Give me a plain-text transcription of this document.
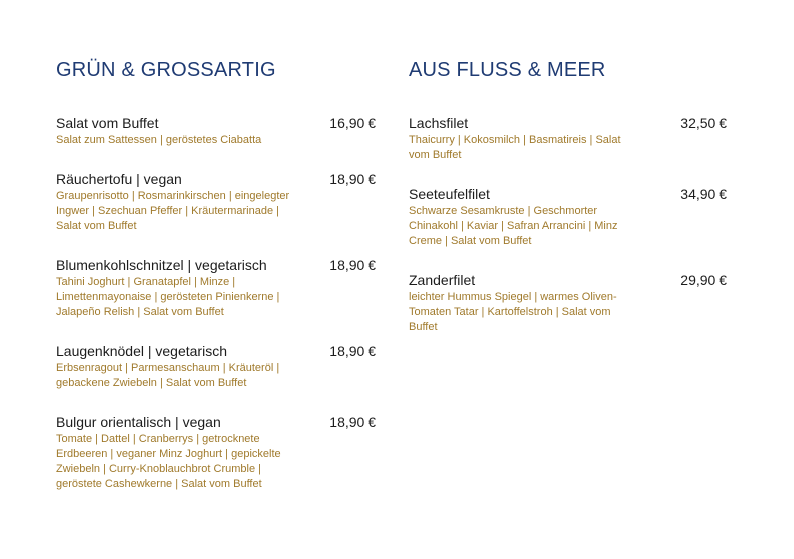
GRÜN & GROSSARTIG
Salat vom Buffet	16,90 €
Salat zum Sattessen | geröstetes Ciabatta
Räuchertofu | vegan	18,90 €
Graupenrisotto | Rosmarinkirschen | eingelegter Ingwer | Szechuan Pfeffer | Kräutermarinade | Salat vom Buffet
Blumenkohlschnitzel | vegetarisch	18,90 €
Tahini Joghurt | Granatapfel | Minze | Limettenmayonaise | gerösteten Pinienkerne | Jalapeño Relish | Salat vom Buffet
Laugenknödel | vegetarisch	18,90 €
Erbsenragout | Parmesanschaum | Kräuteröl | gebackene Zwiebeln | Salat vom Buffet
Bulgur orientalisch | vegan	18,90 €
Tomate | Dattel | Cranberrys | getrocknete Erdbeeren | veganer Minz Joghurt | gepickelte Zwiebeln | Curry-Knoblauchbrot Crumble | geröstete Cashewkerne | Salat vom Buffet
AUS FLUSS & MEER
Lachsfilet	32,50 €
Thaicurry | Kokosmilch | Basmatireis | Salat vom Buffet
Seeteufelfilet	34,90 €
Schwarze Sesamkruste | Geschmorter Chinakohl | Kaviar | Safran Arrancini | Minz Creme | Salat vom Buffet
Zanderfilet	29,90 €
leichter Hummus Spiegel | warmes Oliven-Tomaten Tatar | Kartoffelstroh | Salat vom Buffet
